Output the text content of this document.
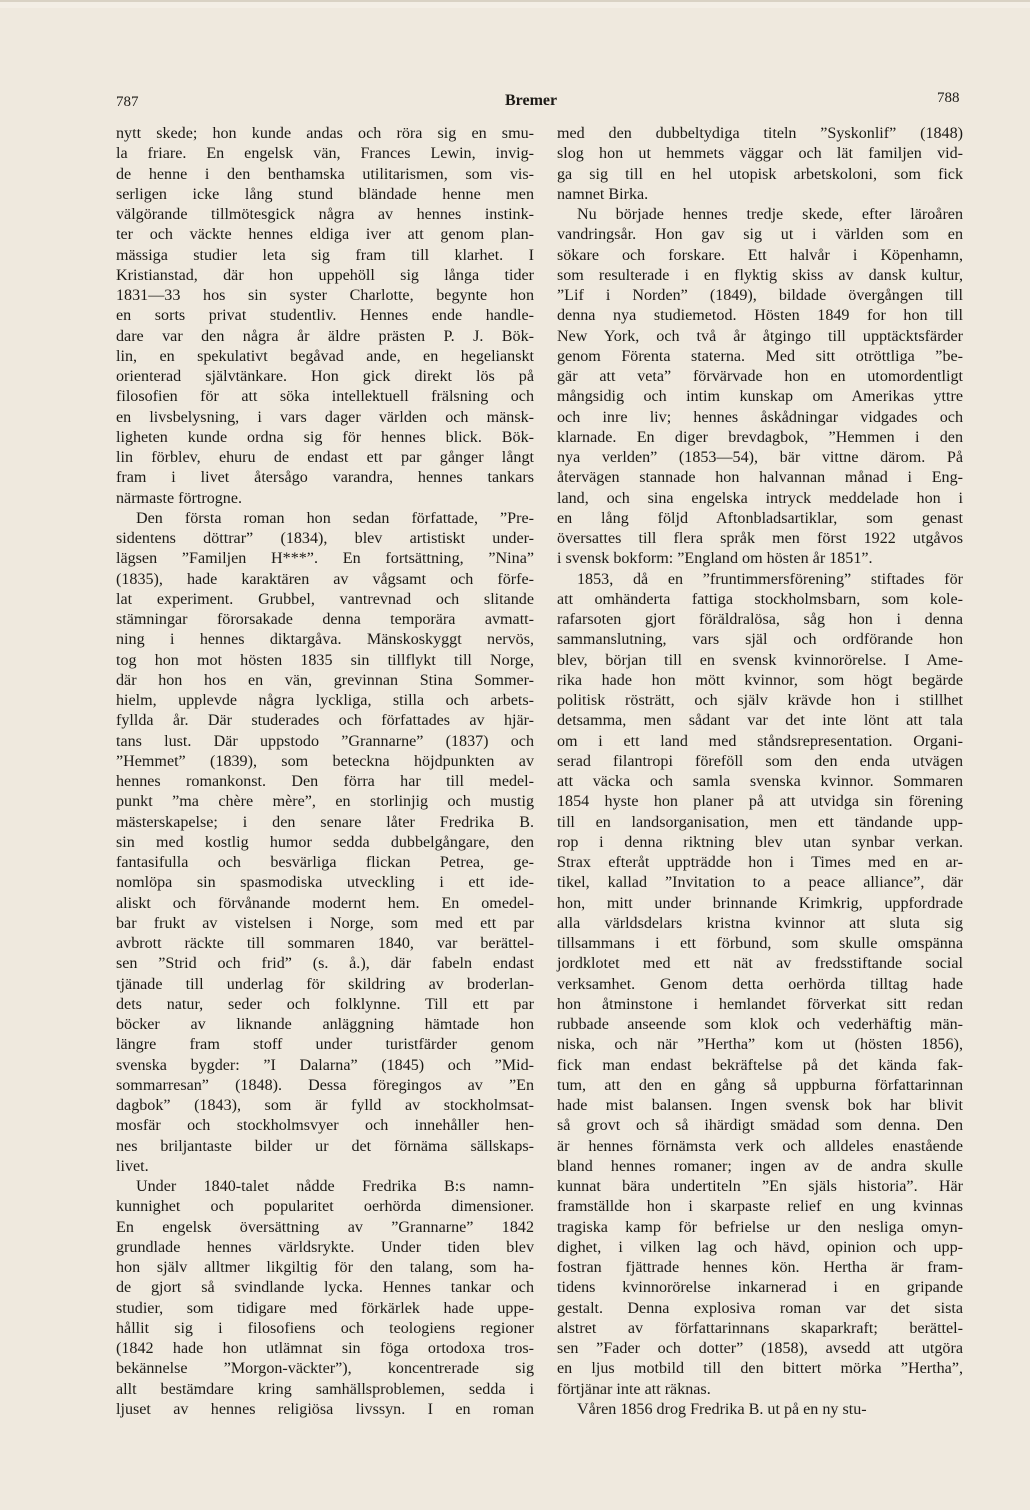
787	Bremer	788
nytt skede; hon kunde andas och röra sig en smu-
la friare. En engelsk vän, Frances Lewin, invig-
de henne i den benthamska utilitarismen, som vis-
serligen icke lång stund bländade henne men
välgörande tillmötesgick några av hennes instink-
ter och väckte hennes eldiga iver att genom plan-
mässiga studier leta sig fram till klarhet. I
Kristianstad, där hon uppehöll sig långa tider
1831—33 hos sin syster Charlotte, begynte hon
en sorts privat studentliv. Hennes ende handle-
dare var den några år äldre prästen P. J. Bök-
lin, en spekulativt begåvad ande, en hegelianskt
orienterad självtänkare. Hon gick direkt lös på
filosofien för att söka intellektuell frälsning och
en livsbelysning, i vars dager världen och mänsk-
ligheten kunde ordna sig för hennes blick. Bök-
lin förblev, ehuru de endast ett par gånger långt
fram i livet återsågo varandra, hennes tankars
närmaste förtrogne.
Den första roman hon sedan författade, ”Pre-
sidentens döttrar” (1834), blev artistiskt under-
lägsen ”Familjen H***”. En fortsättning, ”Nina”
(1835), hade karaktären av vågsamt och förfe-
lat experiment. Grubbel, vantrevnad och slitande
stämningar förorsakade denna temporära avmatt-
ning i hennes diktargåva. Mänskoskyggt nervös,
tog hon mot hösten 1835 sin tillflykt till Norge,
där hon hos en vän, grevinnan Stina Sommer-
hielm, upplevde några lyckliga, stilla och arbets-
fyllda år. Där studerades och författades av hjär-
tans lust. Där uppstodo ”Grannarne” (1837) och
”Hemmet” (1839), som beteckna höjdpunkten av
hennes romankonst. Den förra har till medel-
punkt ”ma chère mère”, en storlinjig och mustig
mästerskapelse; i den senare låter Fredrika B.
sin med kostlig humor sedda dubbelgångare, den
fantasifulla och besvärliga flickan Petrea, ge-
nomlöpa sin spasmodiska utveckling i ett ide-
aliskt och förvånande modernt hem. En omedel-
bar frukt av vistelsen i Norge, som med ett par
avbrott räckte till sommaren 1840, var berättel-
sen ”Strid och frid” (s. å.), där fabeln endast
tjänade till underlag för skildring av broderlan-
dets natur, seder och folklynne. Till ett par
böcker av liknande anläggning hämtade hon
längre fram stoff under turistfärder genom
svenska bygder: ”I Dalarna” (1845) och ”Mid-
sommarresan” (1848). Dessa föregingos av ”En
dagbok” (1843), som är fylld av stockholmsat-
mosfär och stockholmsvyer och innehåller hen-
nes briljantaste bilder ur det förnäma sällskaps-
livet.
Under 1840-talet nådde Fredrika B:s namn-
kunnighet och popularitet oerhörda dimensioner.
En engelsk översättning av ”Grannarne” 1842
grundlade hennes världsrykte. Under tiden blev
hon själv alltmer likgiltig för den talang, som ha-
de gjort så svindlande lycka. Hennes tankar och
studier, som tidigare med förkärlek hade uppe-
hållit sig i filosofiens och teologiens regioner
(1842 hade hon utlämnat sin föga ortodoxa tros-
bekännelse ”Morgon-väckter”), koncentrerade sig
allt bestämdare kring samhällsproblemen, sedda i
ljuset av hennes religiösa livssyn. I en roman
med den dubbeltydiga titeln ”Syskonlif” (1848)
slog hon ut hemmets väggar och lät familjen vid-
ga sig till en hel utopisk arbetskoloni, som fick
namnet Birka.
Nu började hennes tredje skede, efter läroåren
vandringsår. Hon gav sig ut i världen som en
sökare och forskare. Ett halvår i Köpenhamn,
som resulterade i en flyktig skiss av dansk kultur,
”Lif i Norden” (1849), bildade övergången till
denna nya studiemetod. Hösten 1849 for hon till
New York, och två år åtgingo till upptäcktsfärder
genom Förenta staterna. Med sitt otröttliga ”be-
gär att veta” förvärvade hon en utomordentligt
mångsidig och intim kunskap om Amerikas yttre
och inre liv; hennes åskådningar vidgades och
klarnade. En diger brevdagbok, ”Hemmen i den
nya verlden” (1853—54), bär vittne därom. På
återvägen stannade hon halvannan månad i Eng-
land, och sina engelska intryck meddelade hon i
en lång följd Aftonbladsartiklar, som genast
översattes till flera språk men först 1922 utgåvos
i svensk bokform: ”England om hösten år 1851”.
1853, då en ”fruntimmersförening” stiftades för
att omhänderta fattiga stockholmsbarn, som kole-
rafarsoten gjort föräldralösa, såg hon i denna
sammanslutning, vars själ och ordförande hon
blev, början till en svensk kvinnorörelse. I Ame-
rika hade hon mött kvinnor, som högt begärde
politisk rösträtt, och själv krävde hon i stillhet
detsamma, men sådant var det inte lönt att tala
om i ett land med ståndsrepresentation. Organi-
serad filantropi föreföll som den enda utvägen
att väcka och samla svenska kvinnor. Sommaren
1854 hyste hon planer på att utvidga sin förening
till en landsorganisation, men ett tändande upp-
rop i denna riktning blev utan synbar verkan.
Strax efteråt uppträdde hon i Times med en ar-
tikel, kallad ”Invitation to a peace alliance”, där
hon, mitt under brinnande Krimkrig, uppfordrade
alla världsdelars kristna kvinnor att sluta sig
tillsammans i ett förbund, som skulle omspänna
jordklotet med ett nät av fredsstiftande social
verksamhet. Genom detta oerhörda tilltag hade
hon åtminstone i hemlandet förverkat sitt redan
rubbade anseende som klok och vederhäftig män-
niska, och när ”Hertha” kom ut (hösten 1856),
fick man endast bekräftelse på det kända fak-
tum, att den en gång så uppburna författarinnan
hade mist balansen. Ingen svensk bok har blivit
så grovt och så ihärdigt smädad som denna. Den
är hennes förnämsta verk och alldeles enastående
bland hennes romaner; ingen av de andra skulle
kunnat bära undertiteln ”En själs historia”. Här
framställde hon i skarpaste relief en ung kvinnas
tragiska kamp för befrielse ur den nesliga omyn-
dighet, i vilken lag och hävd, opinion och upp-
fostran fjättrade hennes kön. Hertha är fram-
tidens kvinnorörelse inkarnerad i en gripande
gestalt. Denna explosiva roman var det sista
alstret av författarinnans skaparkraft; berättel-
sen ”Fader och dotter” (1858), avsedd att utgöra
en ljus motbild till den bittert mörka ”Hertha”,
förtjänar inte att räknas.
Våren 1856 drog Fredrika B. ut på en ny stu-
